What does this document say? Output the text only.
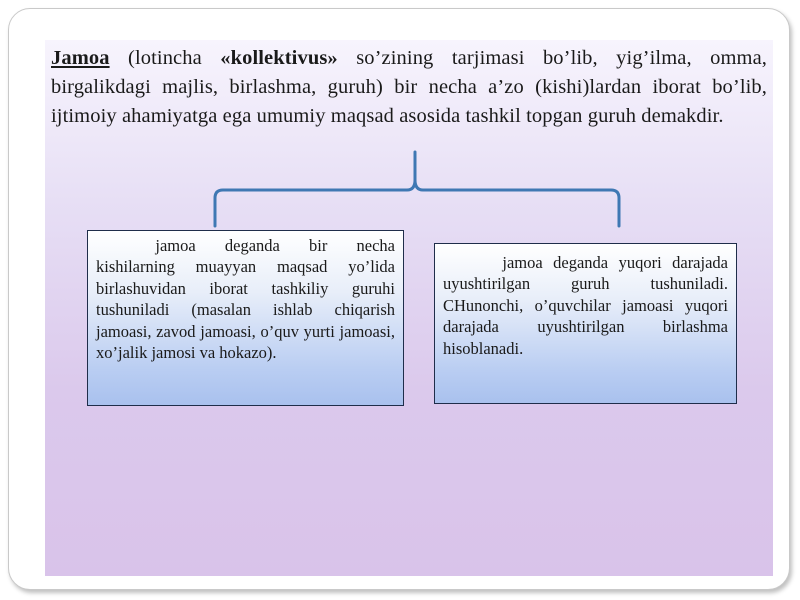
Jamoa (lotincha «kollektivus» so’zining tarjimasi bo’lib, yig’ilma, omma, birgalikdagi majlis, birlashma, guruh) bir necha a’zo (kishi)lardan iborat bo’lib, ijtimoiy ahamiyatga ega umumiy maqsad asosida tashkil topgan guruh demakdir.

jamoa deganda bir necha kishilarning muayyan maqsad yo’lida birlashuvidan iborat tashkiliy guruhi tushuniladi (masalan ishlab chiqarish jamoasi, zavod jamoasi, o’quv yurti jamoasi, xo’jalik jamosi va hokazo).

jamoa deganda yuqori darajada uyushtirilgan guruh tushuniladi. CHunonchi, o’quvchilar jamoasi yuqori darajada uyushtirilgan birlashma hisoblanadi.
